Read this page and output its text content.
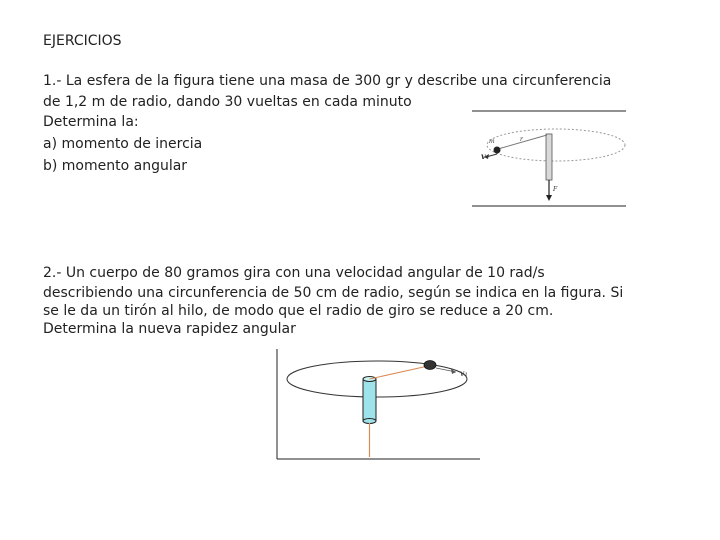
EJERCICIOS
1.- La esfera de la figura tiene una masa de 300 gr y describe una circunferencia
de 1,2 m de radio, dando 30 vueltas en cada minuto
Determina la:
a) momento de inercia
b) momento angular
m	r
v
F
2.- Un cuerpo de 80 gramos gira con una velocidad angular de 10 rad/s
describiendo una circunferencia de 50 cm de radio, según se indica en la figura. Si
se le da un tirón al hilo, de modo que el radio de giro se reduce a 20 cm.
Determina la nueva rapidez angular
v₁
